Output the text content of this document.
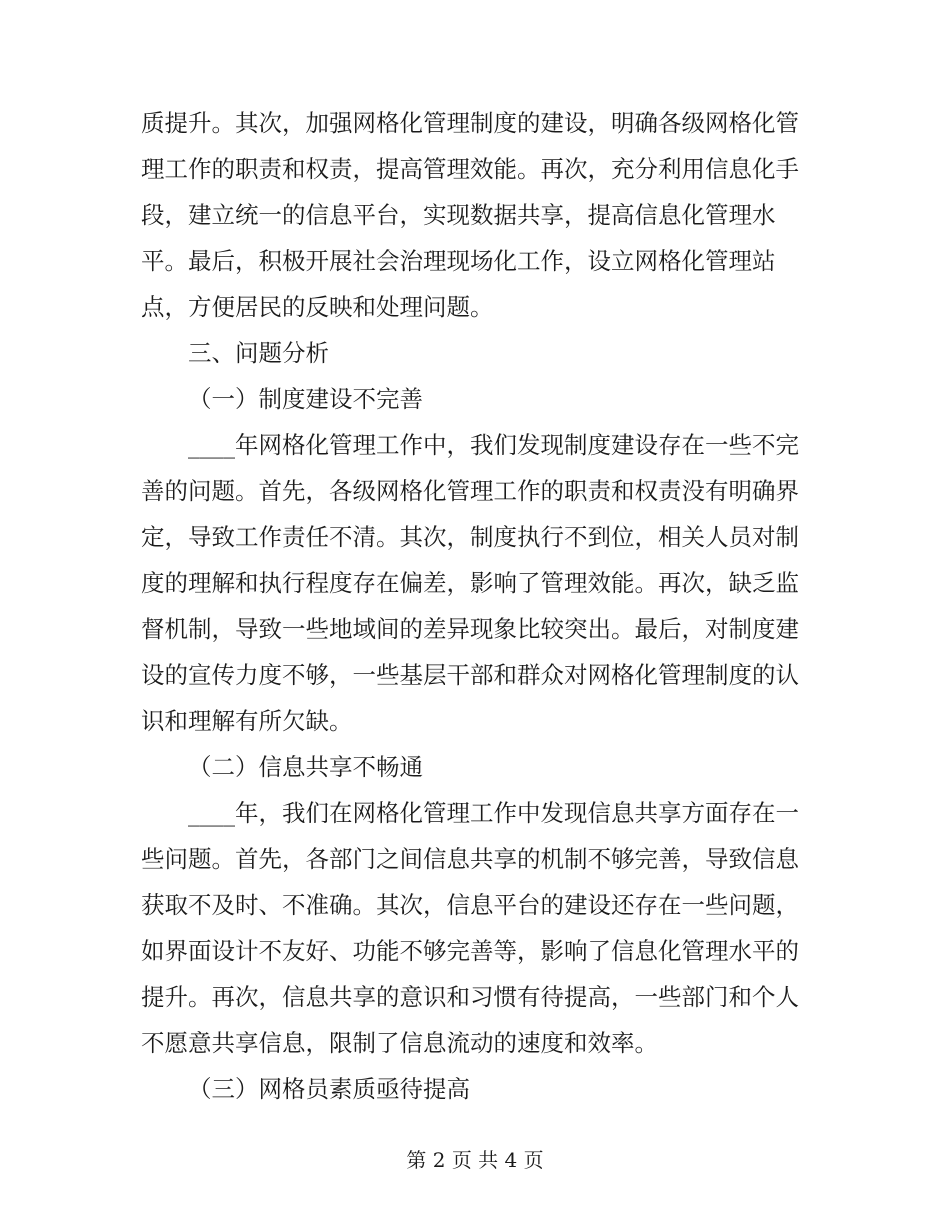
质提升。其次，加强网格化管理制度的建设，明确各级网格化管
理工作的职责和权责，提高管理效能。再次，充分利用信息化手
段，建立统一的信息平台，实现数据共享，提高信息化管理水
平。最后，积极开展社会治理现场化工作，设立网格化管理站
点，方便居民的反映和处理问题。
三、问题分析
（一）制度建设不完善
____年网格化管理工作中，我们发现制度建设存在一些不完
善的问题。首先，各级网格化管理工作的职责和权责没有明确界
定，导致工作责任不清。其次，制度执行不到位，相关人员对制
度的理解和执行程度存在偏差，影响了管理效能。再次，缺乏监
督机制，导致一些地域间的差异现象比较突出。最后，对制度建
设的宣传力度不够，一些基层干部和群众对网格化管理制度的认
识和理解有所欠缺。
（二）信息共享不畅通
____年，我们在网格化管理工作中发现信息共享方面存在一
些问题。首先，各部门之间信息共享的机制不够完善，导致信息
获取不及时、不准确。其次，信息平台的建设还存在一些问题，
如界面设计不友好、功能不够完善等，影响了信息化管理水平的
提升。再次，信息共享的意识和习惯有待提高，一些部门和个人
不愿意共享信息，限制了信息流动的速度和效率。
（三）网格员素质亟待提高
第 2 页 共 4 页
